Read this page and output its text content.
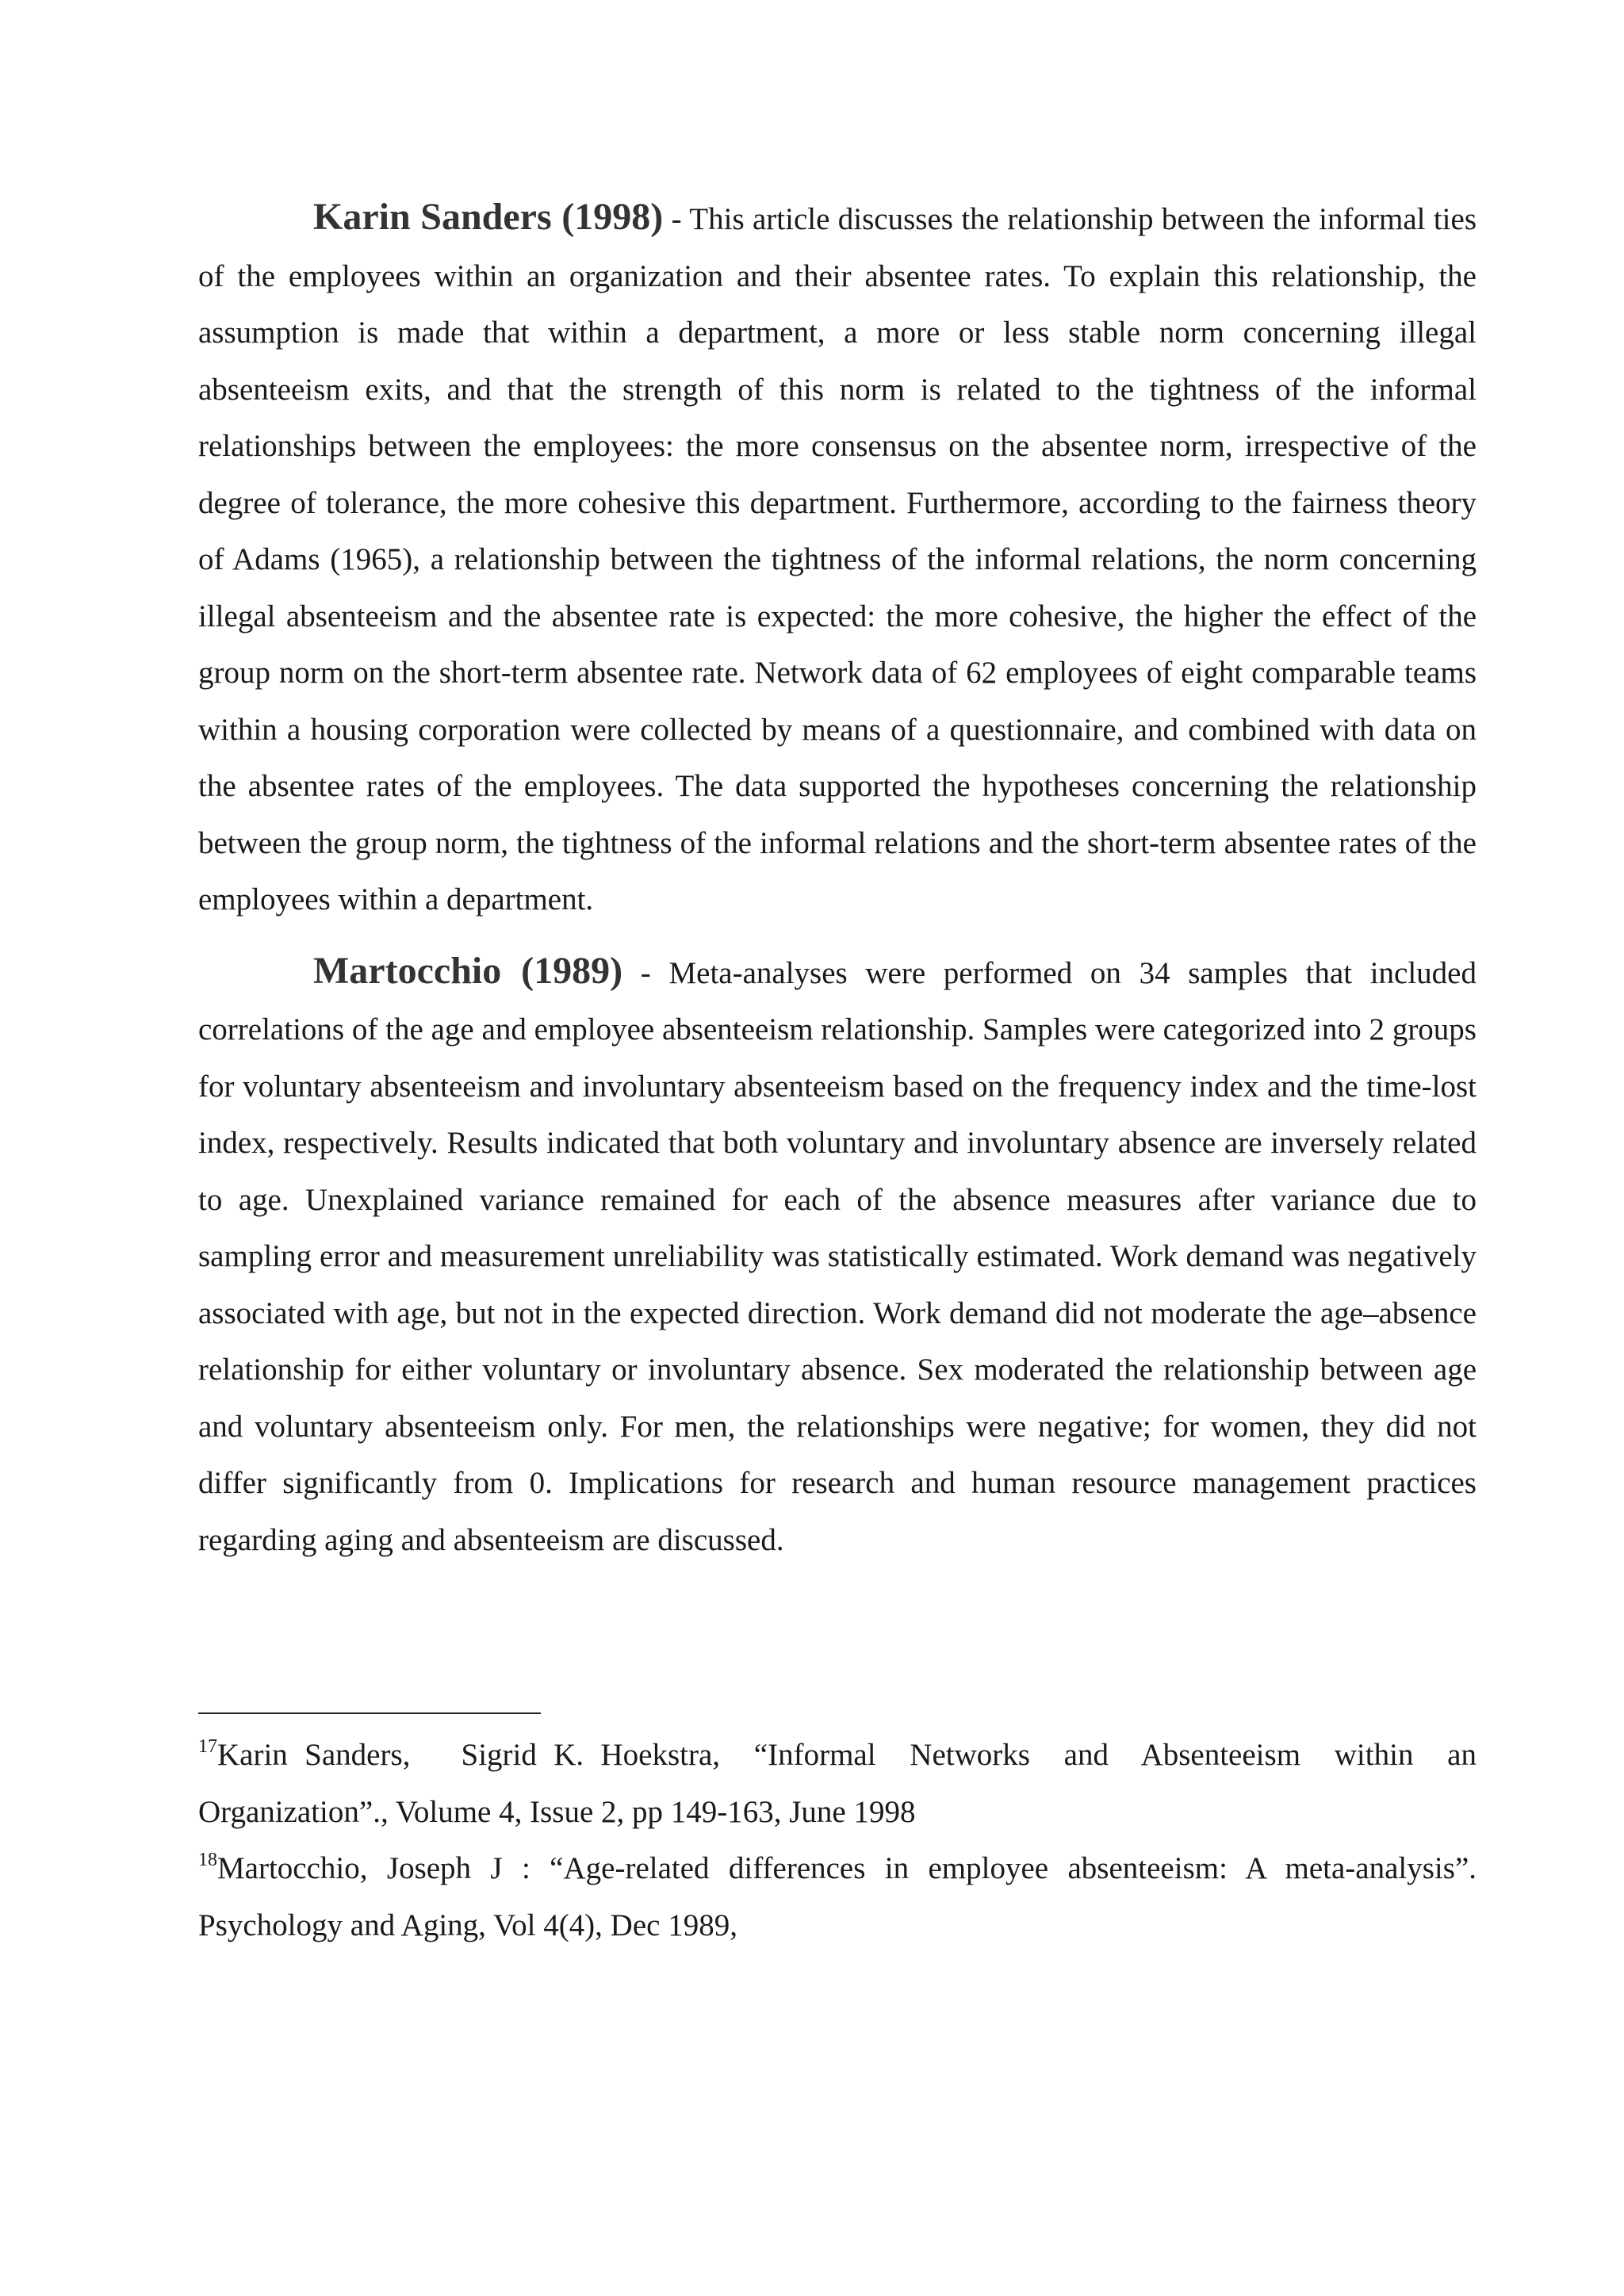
Karin Sanders (1998) - This article discusses the relationship between the informal ties of the employees within an organization and their absentee rates. To explain this relationship, the assumption is made that within a department, a more or less stable norm concerning illegal absenteeism exits, and that the strength of this norm is related to the tightness of the informal relationships between the employees: the more consensus on the absentee norm, irrespective of the degree of tolerance, the more cohesive this department. Furthermore, according to the fairness theory of Adams (1965), a relationship between the tightness of the informal relations, the norm concerning illegal absenteeism and the absentee rate is expected: the more cohesive, the higher the effect of the group norm on the short-term absentee rate. Network data of 62 employees of eight comparable teams within a housing corporation were collected by means of a questionnaire, and combined with data on the absentee rates of the employees. The data supported the hypotheses concerning the relationship between the group norm, the tightness of the informal relations and the short-term absentee rates of the employees within a department.

Martocchio (1989) - Meta-analyses were performed on 34 samples that included correlations of the age and employee absenteeism relationship. Samples were categorized into 2 groups for voluntary absenteeism and involuntary absenteeism based on the frequency index and the time-lost index, respectively. Results indicated that both voluntary and involuntary absence are inversely related to age. Unexplained variance remained for each of the absence measures after variance due to sampling error and measurement unreliability was statistically estimated. Work demand was negatively associated with age, but not in the expected direction. Work demand did not moderate the age–absence relationship for either voluntary or involuntary absence. Sex moderated the relationship between age and voluntary absenteeism only. For men, the relationships were negative; for women, they did not differ significantly from 0. Implications for research and human resource management practices regarding aging and absenteeism are discussed.

$^{17}$Karin Sanders,   Sigrid K. Hoekstra,  “Informal  Networks  and  Absenteeism  within  an Organization”., Volume 4, Issue 2, pp 149-163, June 1998

$^{18}$Martocchio, Joseph J : “Age-related differences in employee absenteeism: A meta-analysis”. Psychology and Aging, Vol 4(4), Dec 1989,
